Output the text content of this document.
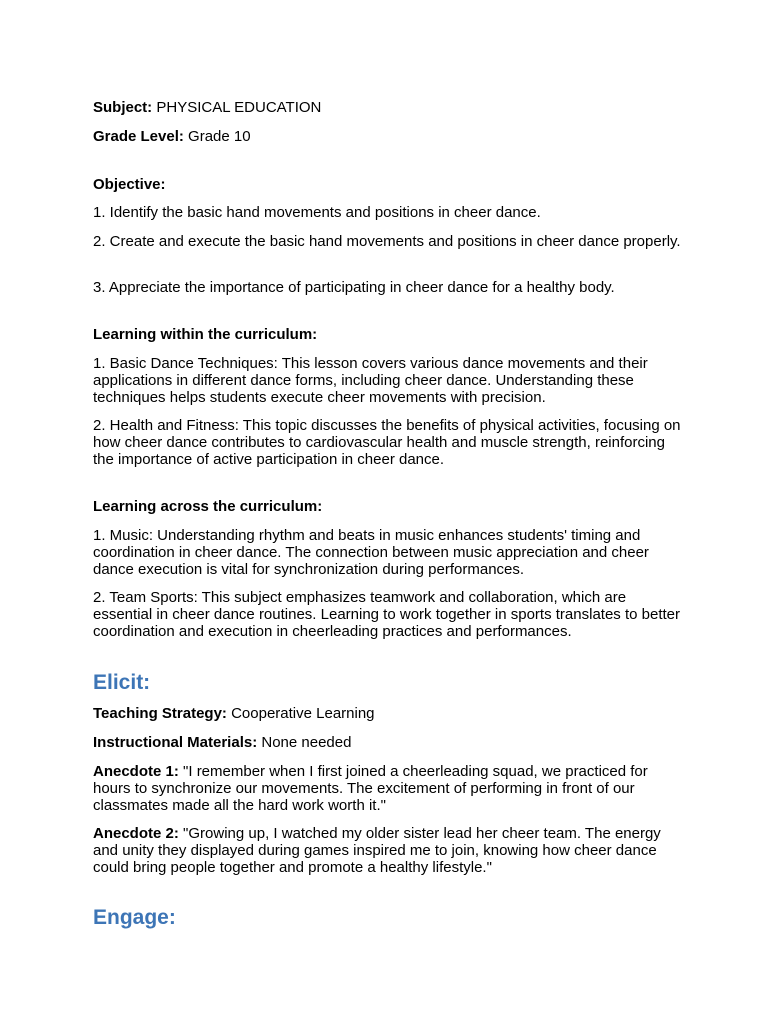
Subject: PHYSICAL EDUCATION

Grade Level: Grade 10

Objective:

1. Identify the basic hand movements and positions in cheer dance.

2. Create and execute the basic hand movements and positions in cheer dance properly.

3. Appreciate the importance of participating in cheer dance for a healthy body.

Learning within the curriculum:

1. Basic Dance Techniques: This lesson covers various dance movements and their applications in different dance forms, including cheer dance. Understanding these techniques helps students execute cheer movements with precision.

2. Health and Fitness: This topic discusses the benefits of physical activities, focusing on how cheer dance contributes to cardiovascular health and muscle strength, reinforcing the importance of active participation in cheer dance.

Learning across the curriculum:

1. Music: Understanding rhythm and beats in music enhances students' timing and coordination in cheer dance. The connection between music appreciation and cheer dance execution is vital for synchronization during performances.

2. Team Sports: This subject emphasizes teamwork and collaboration, which are essential in cheer dance routines. Learning to work together in sports translates to better coordination and execution in cheerleading practices and performances.

Elicit:

Teaching Strategy: Cooperative Learning

Instructional Materials: None needed

Anecdote 1: "I remember when I first joined a cheerleading squad, we practiced for hours to synchronize our movements. The excitement of performing in front of our classmates made all the hard work worth it."

Anecdote 2: "Growing up, I watched my older sister lead her cheer team. The energy and unity they displayed during games inspired me to join, knowing how cheer dance could bring people together and promote a healthy lifestyle."

Engage:
